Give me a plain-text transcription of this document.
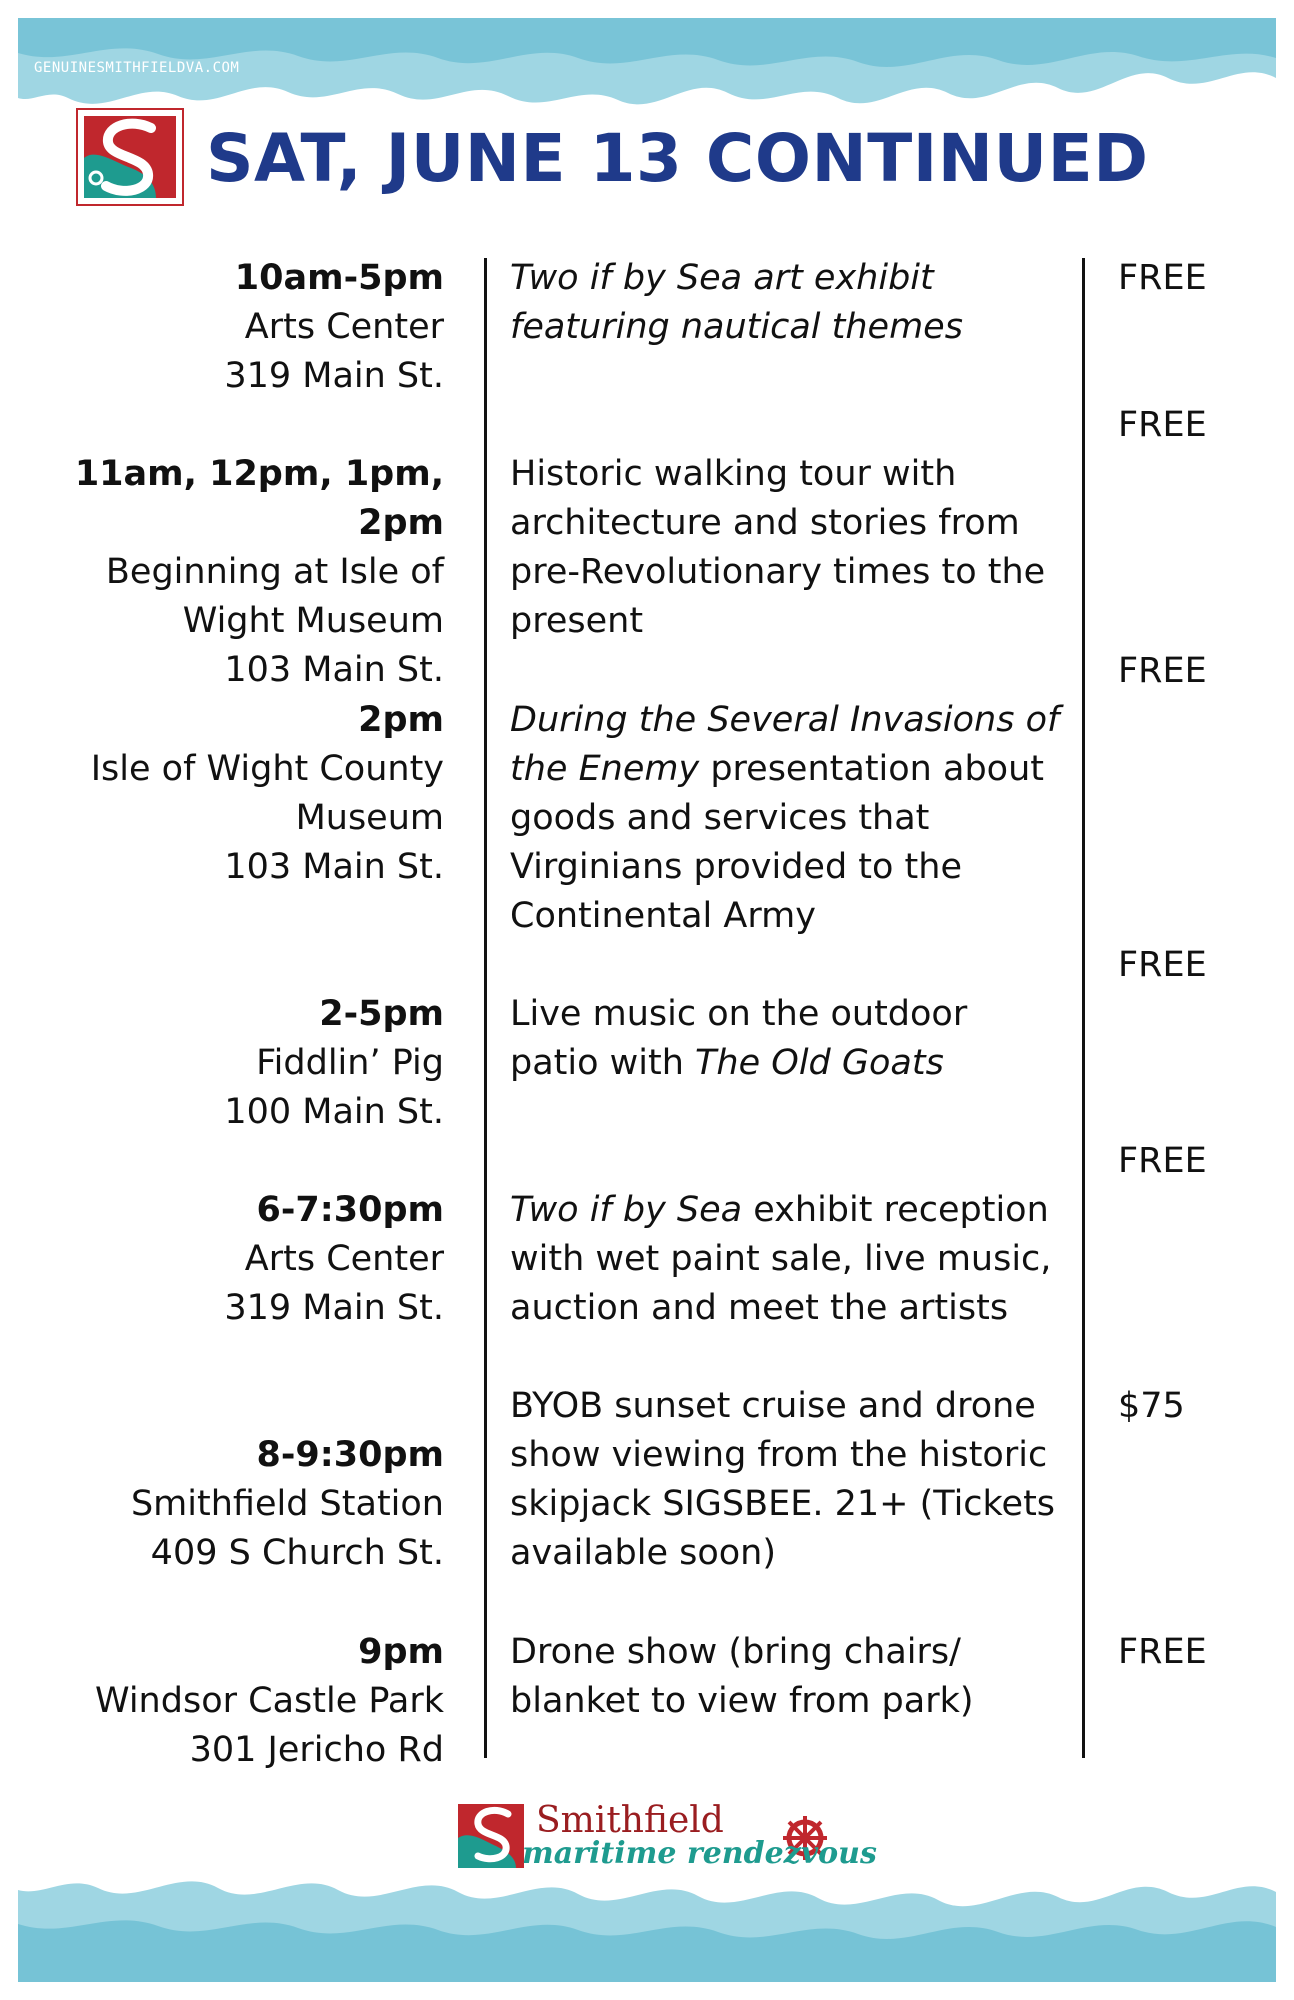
GENUINESMITHFIELDVA.COM
SAT, JUNE 13 CONTINUED
10am-5pm
Arts Center
319 Main St.
Two if by Sea art exhibit
featuring nautical themes
FREE
11am, 12pm, 1pm, 2pm
Beginning at Isle of
Wight Museum
103 Main St.
Historic walking tour with
architecture and stories from
pre-Revolutionary times to the
present
FREE
2pm
Isle of Wight County
Museum
103 Main St.
During the Several Invasions of
the Enemy presentation about
goods and services that
Virginians provided to the
Continental Army
FREE
2-5pm
Fiddlin’ Pig
100 Main St.
Live music on the outdoor
patio with The Old Goats
FREE
6-7:30pm
Arts Center
319 Main St.
Two if by Sea exhibit reception
with wet paint sale, live music,
auction and meet the artists
FREE
8-9:30pm
Smithfield Station
409 S Church St.
BYOB sunset cruise and drone
show viewing from the historic
skipjack SIGSBEE. 21+ (Tickets
available soon)
$75
9pm
Windsor Castle Park
301 Jericho Rd
Drone show (bring chairs/
blanket to view from park)
FREE
Smithfield
maritime rendezvous
